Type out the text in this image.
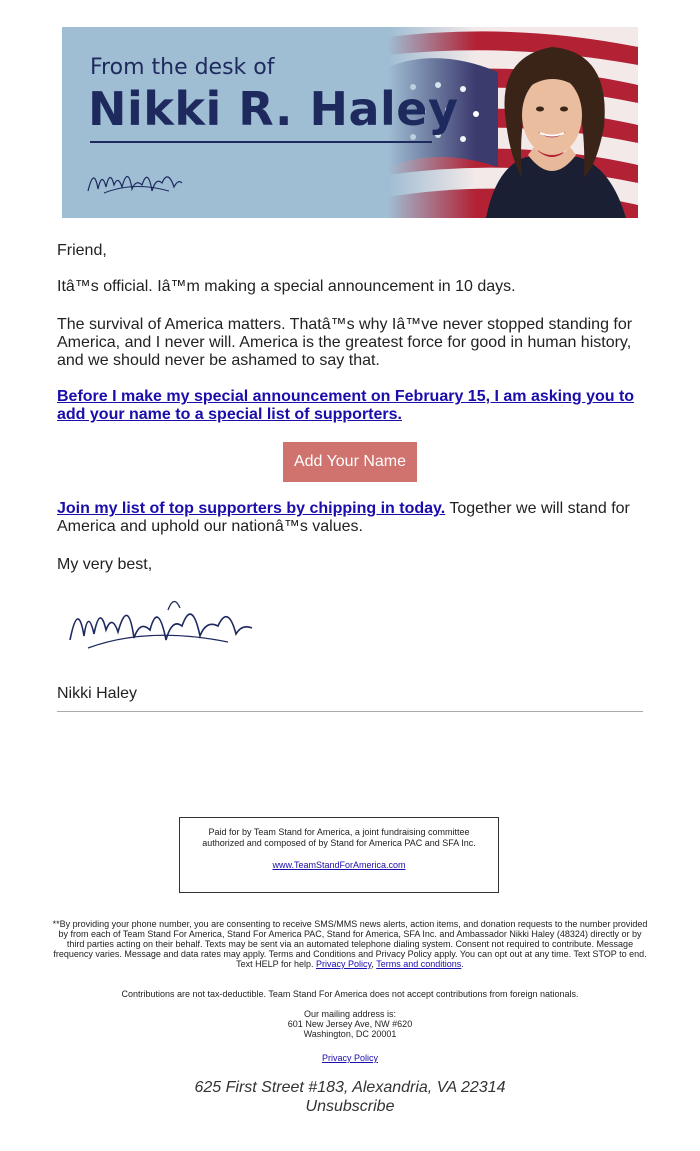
From the desk of
Nikki R. Haley
Friend,
Itâ™s official. Iâ™m making a special announcement in 10 days.
The survival of America matters. Thatâ™s why Iâ™ve never stopped standing for America, and I never will. America is the greatest force for good in human history, and we should never be ashamed to say that.
Before I make my special announcement on February 15, I am asking you to add your name to a special list of supporters.
Add Your Name
Join my list of top supporters by chipping in today. Together we will stand for America and uphold our nationâ™s values.
My very best,
Nikki Haley
Paid for by Team Stand for America, a joint fundraising committee authorized and composed of by Stand for America PAC and SFA Inc.
www.TeamStandForAmerica.com
**By providing your phone number, you are consenting to receive SMS/MMS news alerts, action items, and donation requests to the number provided by from each of Team Stand For America, Stand For America PAC, Stand for America, SFA Inc. and Ambassador Nikki Haley (48324) directly or by third parties acting on their behalf. Texts may be sent via an automated telephone dialing system. Consent not required to contribute. Message frequency varies. Message and data rates may apply. Terms and Conditions and Privacy Policy apply. You can opt out at any time. Text STOP to end. Text HELP for help. Privacy Policy, Terms and conditions.
Contributions are not tax-deductible. Team Stand For America does not accept contributions from foreign nationals.
Our mailing address is:
601 New Jersey Ave, NW #620
Washington, DC 20001
Privacy Policy
625 First Street #183, Alexandria, VA 22314
Unsubscribe
